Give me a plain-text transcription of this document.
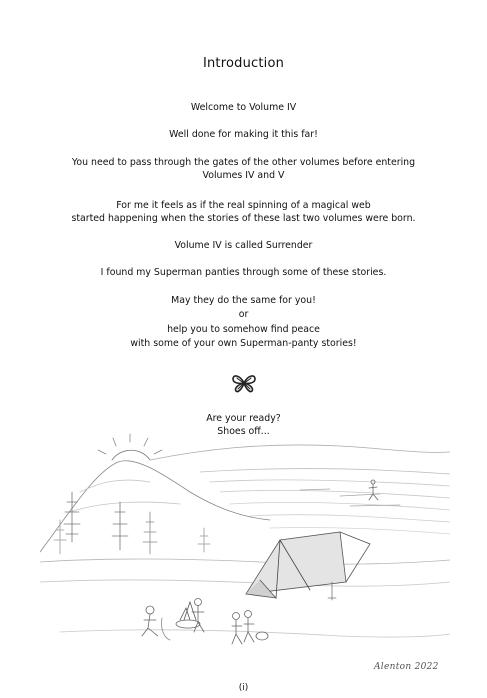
Introduction
Welcome to Volume IV
Well done for making it this far!
You need to pass through the gates of the other volumes before entering
Volumes IV and V
For me it feels as if the real spinning of a magical web
started happening when the stories of these last two volumes were born.
Volume IV is called Surrender
I found my Superman panties through some of these stories.
May they do the same for you!
or
help you to somehow find peace
with some of your own Superman-panty stories!
Are your ready?
Shoes off...
Alenton 2022
(i)
